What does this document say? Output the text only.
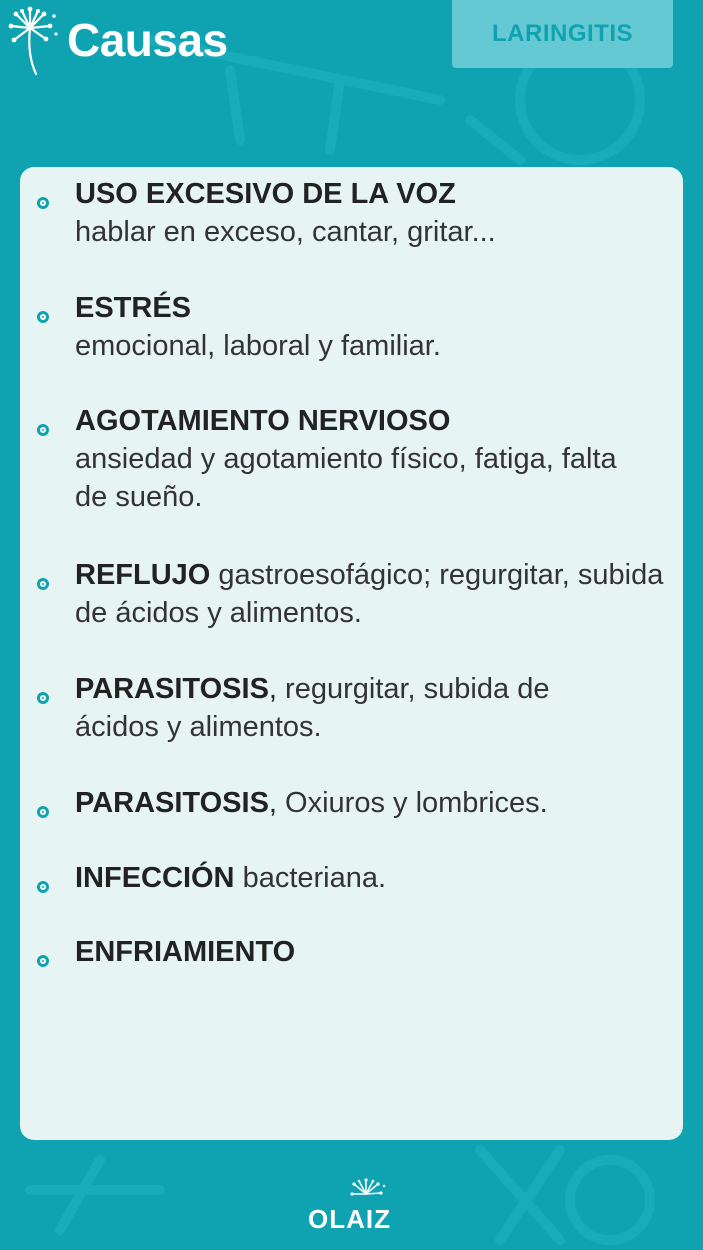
Causas	LARINGITIS
USO EXCESIVO DE LA VOZ
hablar en exceso, cantar, gritar...
ESTRÉS
emocional, laboral y familiar.
AGOTAMIENTO NERVIOSO
ansiedad y agotamiento físico, fatiga, falta de sueño.
REFLUJO gastroesofágico; regurgitar, subida de ácidos y alimentos.
PARASITOSIS, regurgitar, subida de ácidos y alimentos.
PARASITOSIS, Oxiuros y lombrices.
INFECCIÓN bacteriana.
ENFRIAMIENTO
OLAIZ
